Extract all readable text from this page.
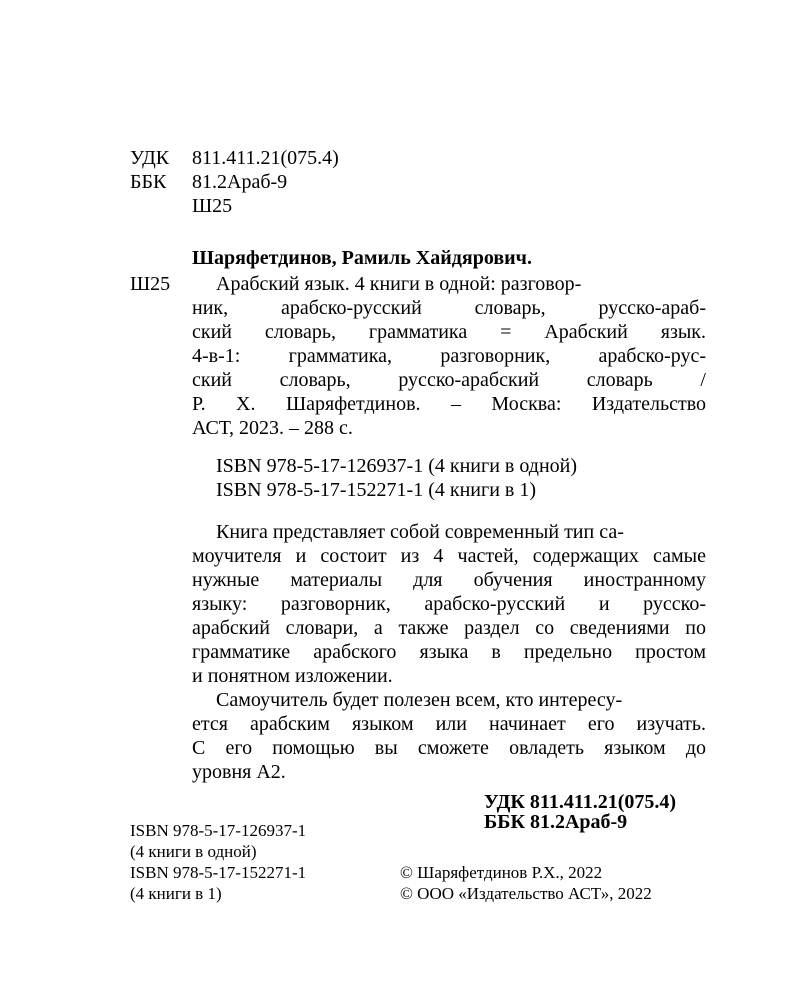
УДК 811.411.21(075.4)
ББК 81.2Араб-9
Ш25
Шаряфетдинов, Рамиль Хайдярович.
Ш25 Арабский язык. 4 книги в одной: разговор-
ник, арабско-русский словарь, русско-араб-
ский словарь, грамматика = Арабский язык.
4-в-1: грамматика, разговорник, арабско-рус-
ский словарь, русско-арабский словарь /
Р. Х. Шаряфетдинов. – Москва: Издательство
АСТ, 2023. – 288 с.
ISBN 978-5-17-126937-1 (4 книги в одной)
ISBN 978-5-17-152271-1 (4 книги в 1)
Книга представляет собой современный тип са-
моучителя и состоит из 4 частей, содержащих самые
нужные материалы для обучения иностранному
языку: разговорник, арабско-русский и русско-
арабский словари, а также раздел со сведениями по
грамматике арабского языка в предельно простом
и понятном изложении.
Самоучитель будет полезен всем, кто интересу-
ется арабским языком или начинает его изучать.
С его помощью вы сможете овладеть языком до
уровня А2.
УДК 811.411.21(075.4)
ББК 81.2Араб-9
ISBN 978-5-17-126937-1
(4 книги в одной)
ISBN 978-5-17-152271-1
(4 книги в 1)
© Шаряфетдинов Р.Х., 2022
© ООО «Издательство АСТ», 2022
